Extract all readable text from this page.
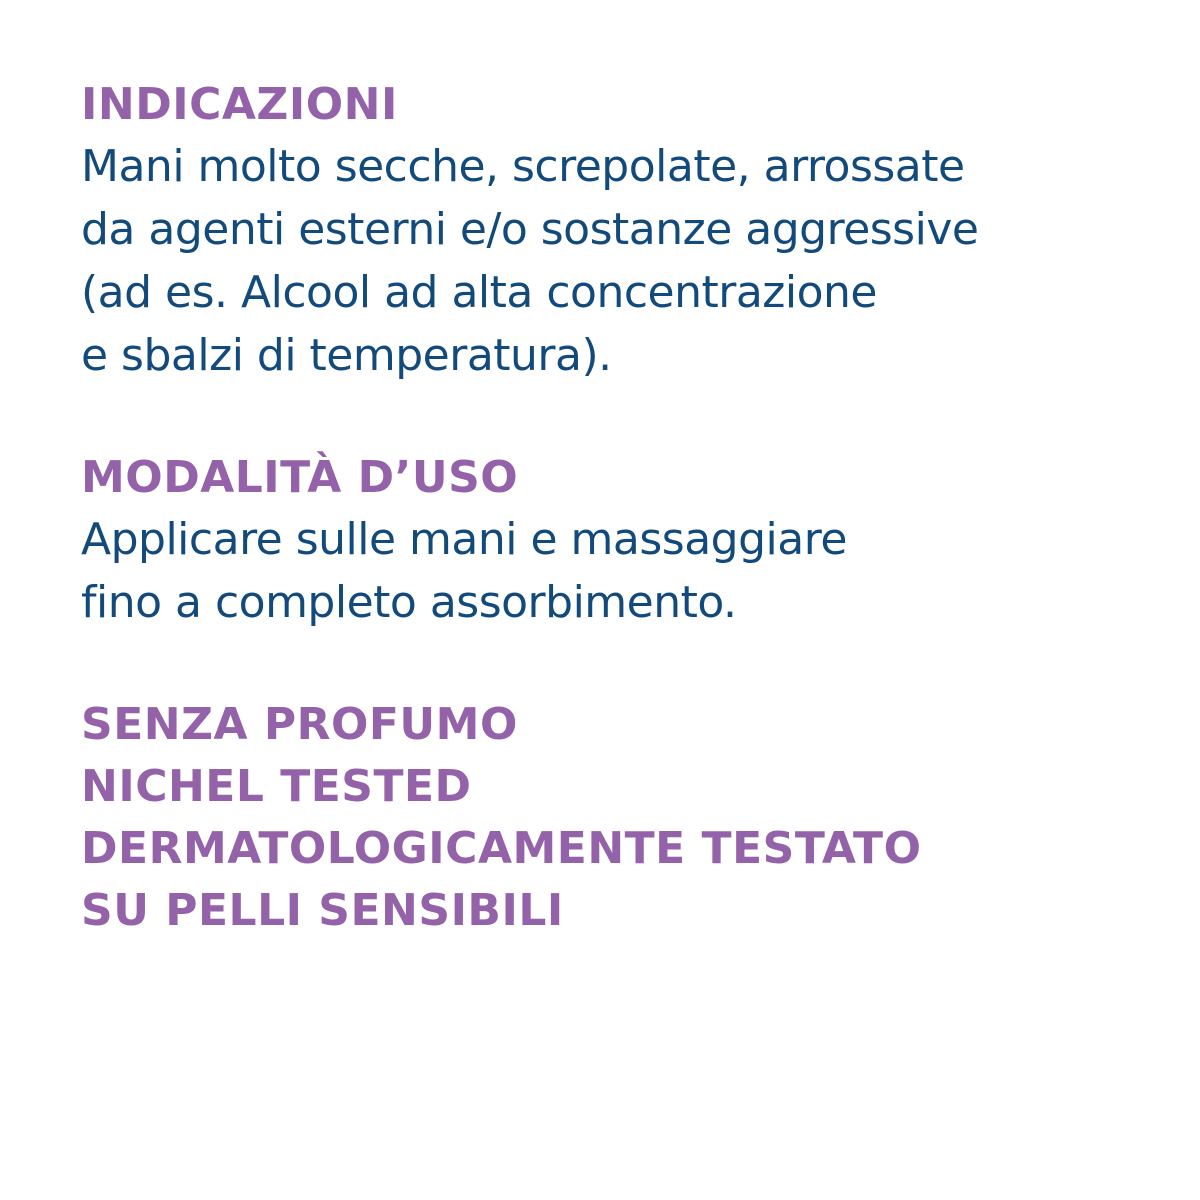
INDICAZIONI

Mani molto secche, screpolate, arrossate

da agenti esterni e/o sostanze aggressive

(ad es. Alcool ad alta concentrazione

e sbalzi di temperatura).

MODALITÀ D’USO

Applicare sulle mani e massaggiare

fino a completo assorbimento.

SENZA PROFUMO
NICHEL TESTED
DERMATOLOGICAMENTE TESTATO
SU PELLI SENSIBILI
